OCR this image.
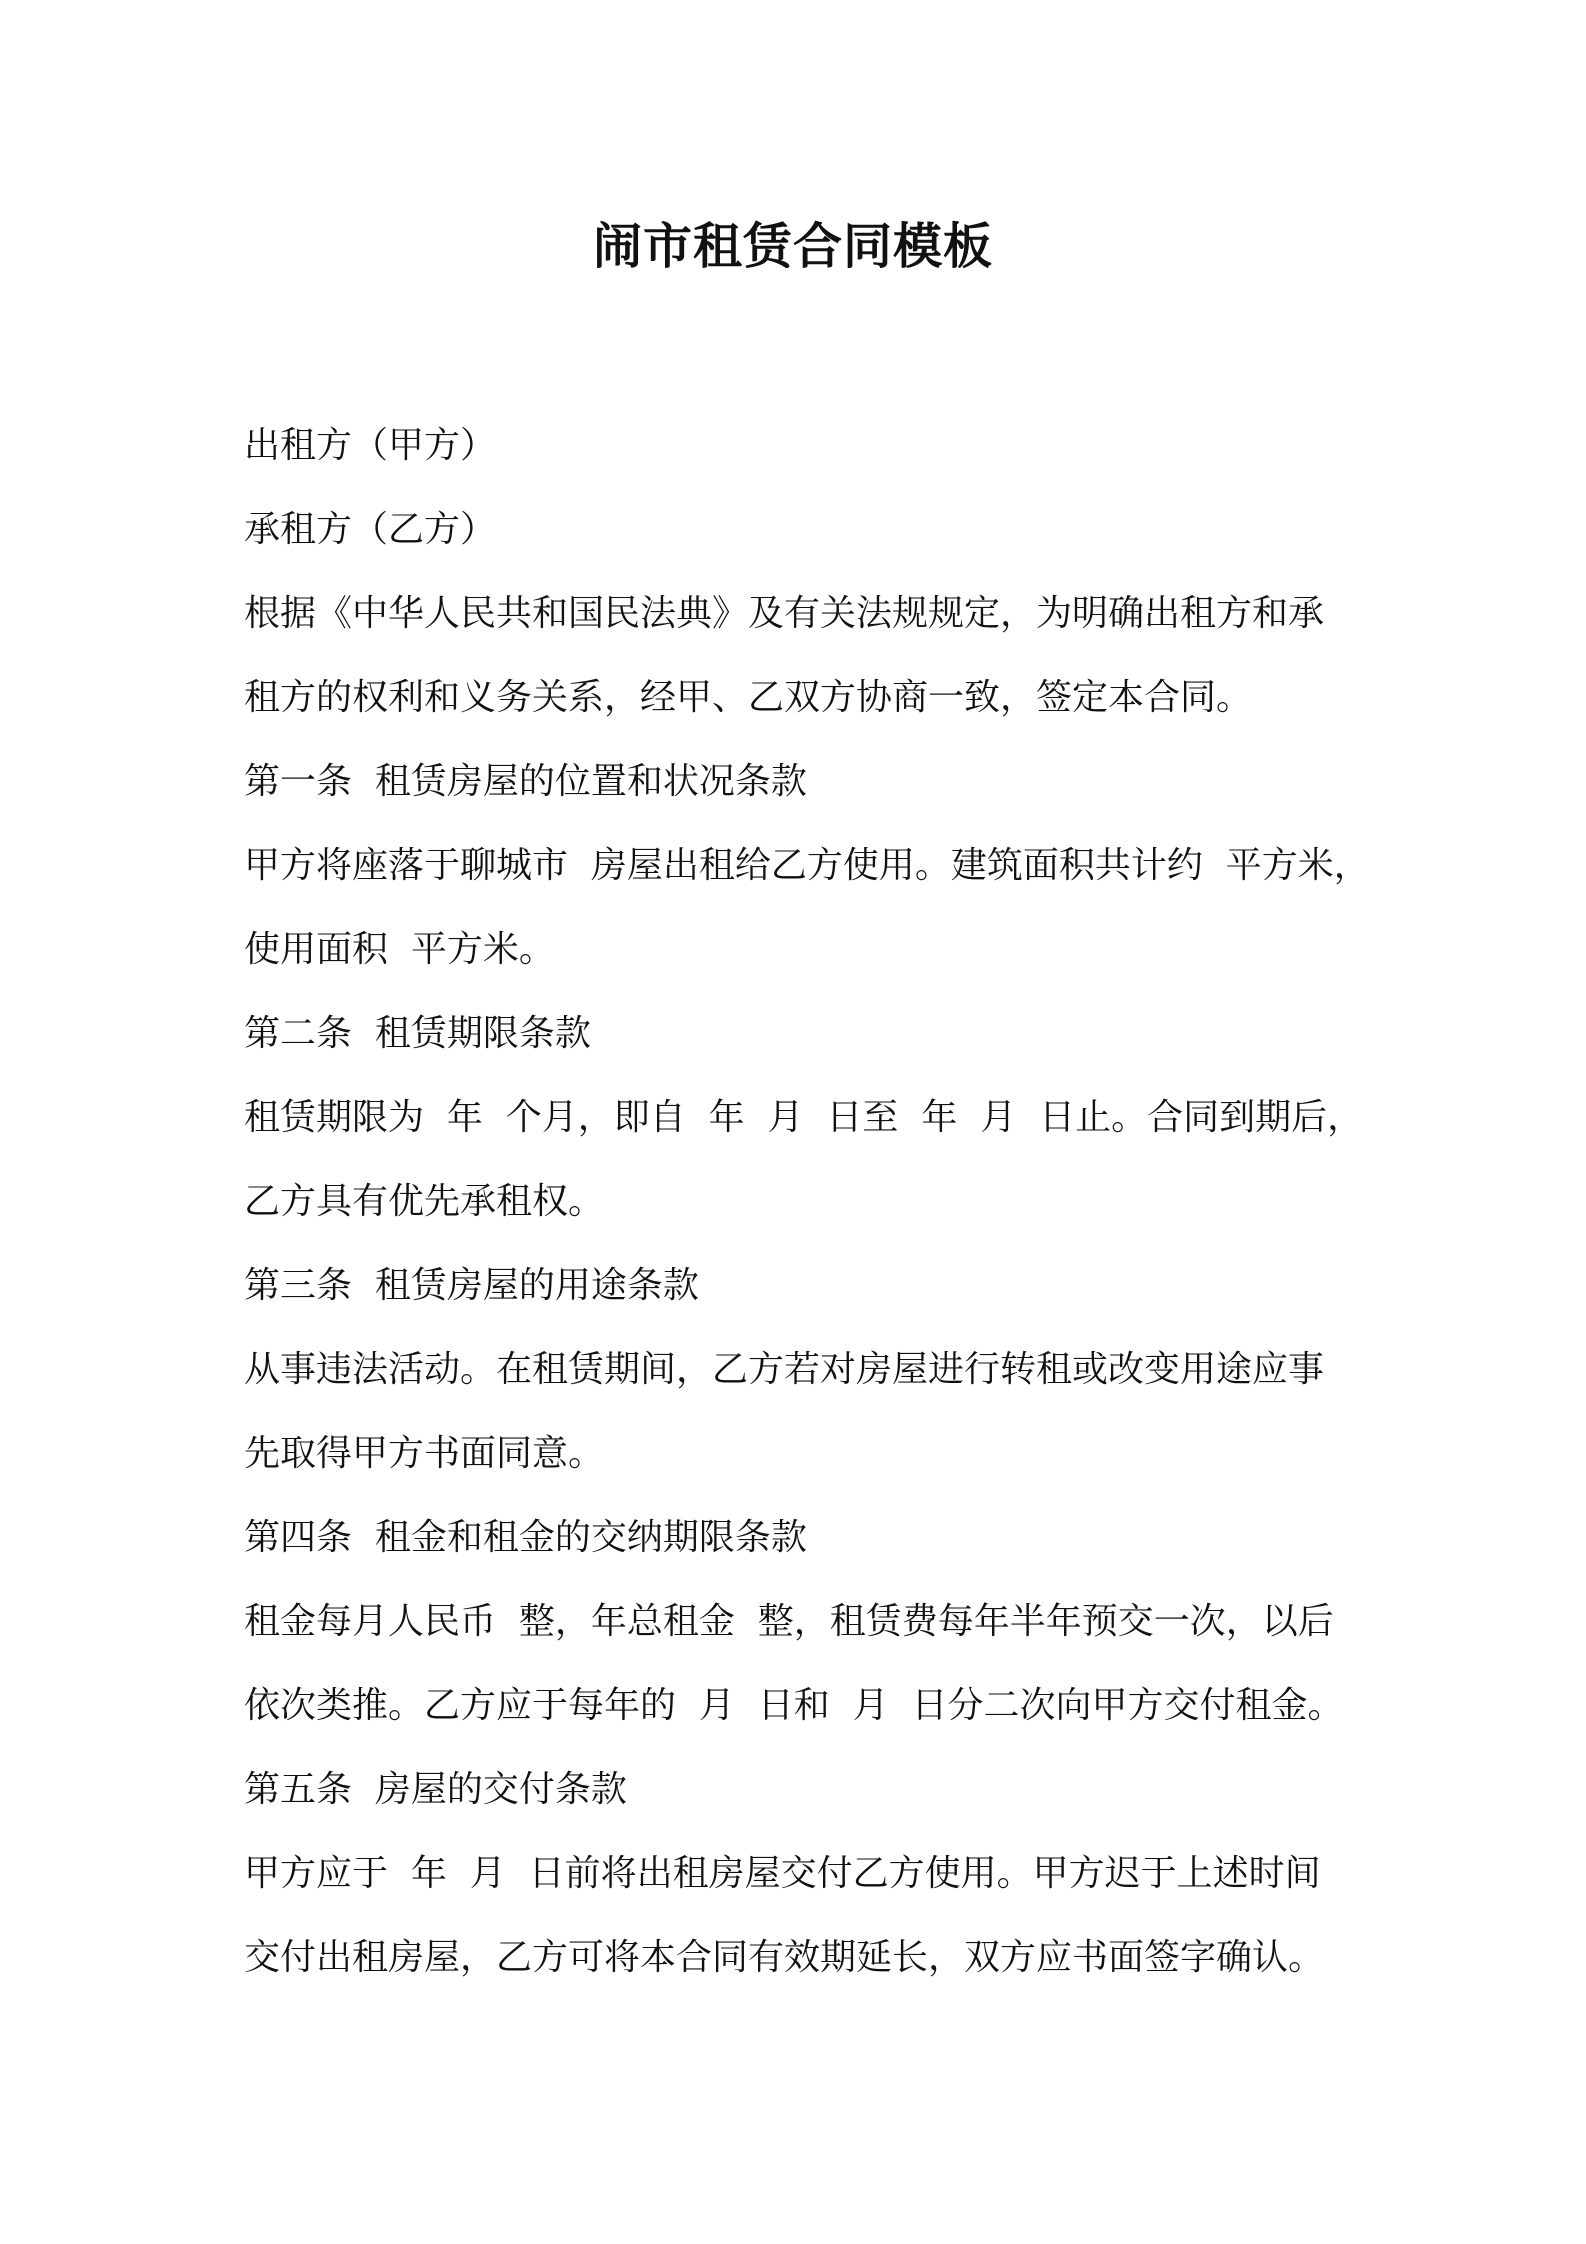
闹市租赁合同模板
出租方（甲方）
承租方（乙方）
根据《中华人民共和国民法典》及有关法规规定，为明确出租方和承
租方的权利和义务关系，经甲、乙双方协商一致，签定本合同。
第一条  租赁房屋的位置和状况条款
甲方将座落于聊城市  房屋出租给乙方使用。建筑面积共计约  平方米，
使用面积  平方米。
第二条  租赁期限条款
租赁期限为  年  个月，即自  年  月  日至  年  月  日止。合同到期后，
乙方具有优先承租权。
第三条  租赁房屋的用途条款
从事违法活动。在租赁期间，乙方若对房屋进行转租或改变用途应事
先取得甲方书面同意。
第四条  租金和租金的交纳期限条款
租金每月人民币  整，年总租金  整，租赁费每年半年预交一次，以后
依次类推。乙方应于每年的  月  日和  月  日分二次向甲方交付租金。
第五条  房屋的交付条款
甲方应于  年  月  日前将出租房屋交付乙方使用。甲方迟于上述时间
交付出租房屋，乙方可将本合同有效期延长，双方应书面签字确认。
